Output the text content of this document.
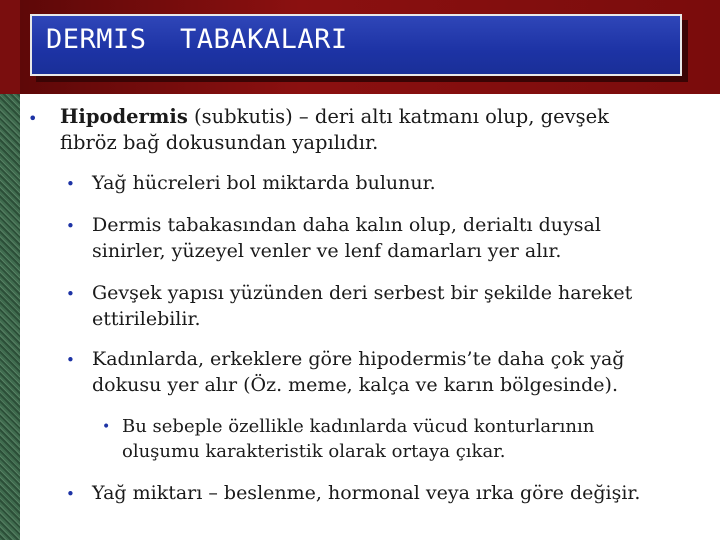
DERMIS  TABAKALARI
•	Hipodermis (subkutis) – deri altı katmanı olup, gevşek
fibröz bağ dokusundan yapılıdır.
• Yağ hücreleri bol miktarda bulunur.
• Dermis tabakasından daha kalın olup, derialtı duysal
sinirler, yüzeyel venler ve lenf damarları yer alır.
• Gevşek yapısı yüzünden deri serbest bir şekilde hareket
ettirilebilir.
• Kadınlarda, erkeklere göre hipodermis’te daha çok yağ
dokusu yer alır (Öz. meme, kalça ve karın bölgesinde).
• Bu sebeple özellikle kadınlarda vücud konturlarının
oluşumu karakteristik olarak ortaya çıkar.
• Yağ miktarı – beslenme, hormonal veya ırka göre değişir.
